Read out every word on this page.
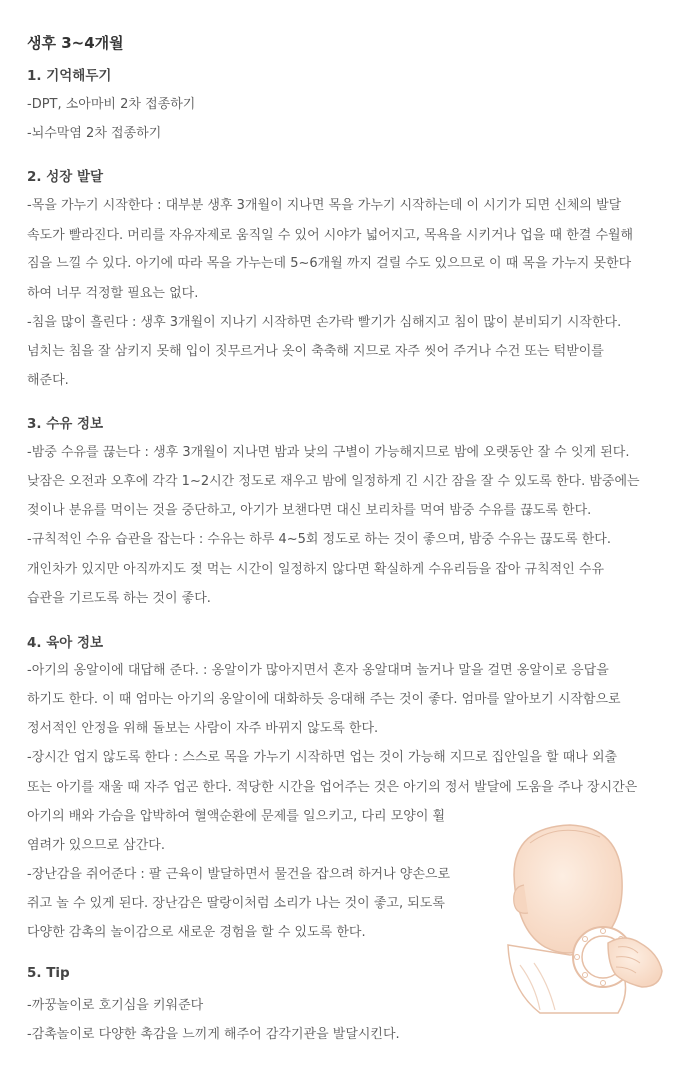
생후 3~4개월
1. 기억해두기
-DPT, 소아마비 2차 접종하기
-뇌수막염 2차 접종하기
2. 성장 발달
-목을 가누기 시작한다 : 대부분 생후 3개월이 지나면 목을 가누기 시작하는데 이 시기가 되면 신체의 발달
속도가 빨라진다. 머리를 자유자제로 움직일 수 있어 시야가 넓어지고, 목욕을 시키거나 업을 때 한결 수월해
짐을 느낄 수 있다. 아기에 따라 목을 가누는데 5~6개월 까지 걸릴 수도 있으므로 이 때 목을 가누지 못한다
하여 너무 걱정할 필요는 없다.
-침을 많이 흘린다 : 생후 3개월이 지나기 시작하면 손가락 빨기가 심해지고 침이 많이 분비되기 시작한다.
넘치는 침을 잘 삼키지 못해 입이 짓무르거나 옷이 축축해 지므로 자주 씻어 주거나 수건 또는 턱받이를
해준다.
3. 수유 정보
-밤중 수유를 끊는다 : 생후 3개월이 지나면 밤과 낮의 구별이 가능해지므로 밤에 오랫동안 잘 수 잇게 된다.
낮잠은 오전과 오후에 각각 1~2시간 정도로 재우고 밤에 일정하게 긴 시간 잠을 잘 수 있도록 한다. 밤중에는
젖이나 분유를 먹이는 것을 중단하고, 아기가 보챈다면 대신 보리차를 먹여 밤중 수유를 끊도록 한다.
-규칙적인 수유 습관을 잡는다 : 수유는 하루 4~5회 정도로 하는 것이 좋으며, 밤중 수유는 끊도록 한다.
개인차가 있지만 아직까지도 젖 먹는 시간이 일정하지 않다면 확실하게 수유리듬을 잡아 규칙적인 수유
습관을 기르도록 하는 것이 좋다.
4. 육아 정보
-아기의 옹알이에 대답해 준다. : 옹알이가 많아지면서 혼자 옹알대며 놀거나 말을 걸면 옹알이로 응답을
하기도 한다. 이 때 엄마는 아기의 옹알이에 대화하듯 응대해 주는 것이 좋다. 엄마를 알아보기 시작함으로
정서적인 안정을 위해 돌보는 사람이 자주 바뀌지 않도록 한다.
-장시간 업지 않도록 한다 : 스스로 목을 가누기 시작하면 업는 것이 가능해 지므로 집안일을 할 때나 외출
또는 아기를 재울 때 자주 업곤 한다. 적당한 시간을 업어주는 것은 아기의 정서 발달에 도움을 주나 장시간은
아기의 배와 가슴을 압박하여 혈액순환에 문제를 일으키고, 다리 모양이 휠
염려가 있으므로 삼간다.
-장난감을 쥐어준다 : 팔 근육이 발달하면서 물건을 잡으려 하거나 양손으로
쥐고 놀 수 있게 된다. 장난감은 딸랑이처럼 소리가 나는 것이 좋고, 되도록
다양한 감촉의 놀이감으로 새로운 경험을 할 수 있도록 한다.
5. Tip
-까꿍놀이로 호기심을 키워준다
-감촉놀이로 다양한 촉감을 느끼게 해주어 감각기관을 발달시킨다.
